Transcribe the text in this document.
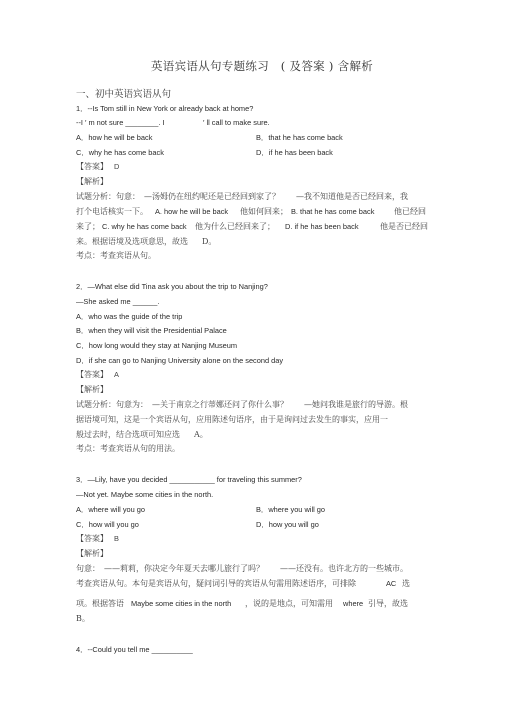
英语宾语从句专题练习　( 及答案 ) 含解析
一、初中英语宾语从句
1．--Is Tom still in New York or already back at home?
--I ′ m not sure ________. I	′ ll call to make sure.
A．how he will be back	B．that he has come back
C．why he has come back	D．if he has been back
【答案】 D
【解析】
试题分析：句意：　—汤姆仍在纽约呢还是已经回到家了？　　—我不知道他是否已经回来，我
打个电话核实一下。 A. how he will be back 他如何回来； B. that he has come back 他已经回
来了； C. why he has come back 他为什么已经回来了； D. if he has been back	他是否已经回
来。根据语境及选项意思，故选 D。
考点：考查宾语从句。
2．—What else did Tina ask you about the trip to Nanjing?
—She asked me ______.
A．who was the guide of the trip
B．when they will visit the Presidential Palace
C．how long would they stay at Nanjing Museum
D．if she can go to Nanjing University alone on the second day
【答案】 A
【解析】
试题分析：句意为：　—关于南京之行蒂娜还问了你什么事？　　—她问我谁是旅行的导游。根
据语境可知，这是一个宾语从句，应用陈述句语序，由于是询问过去发生的事实，应用一
般过去时，结合选项可知应选 A。
考点：考查宾语从句的用法。
3．—Lily, have you decided ___________ for traveling this summer?
—Not yet. Maybe some cities in the north.
A．where will you go	B．where you will go
C．how will you go	D．how you will go
【答案】 B
【解析】
句意：　——莉莉，你决定今年夏天去哪儿旅行了吗？　　——还没有。也许北方的一些城市。
考查宾语从句。本句是宾语从句，疑问词引导的宾语从句需用陈述语序，可排除	AC 选
项。根据答语 Maybe some cities in the north ，说的是地点，可知需用 where 引导，故选
B。
4．--Could you tell me __________
